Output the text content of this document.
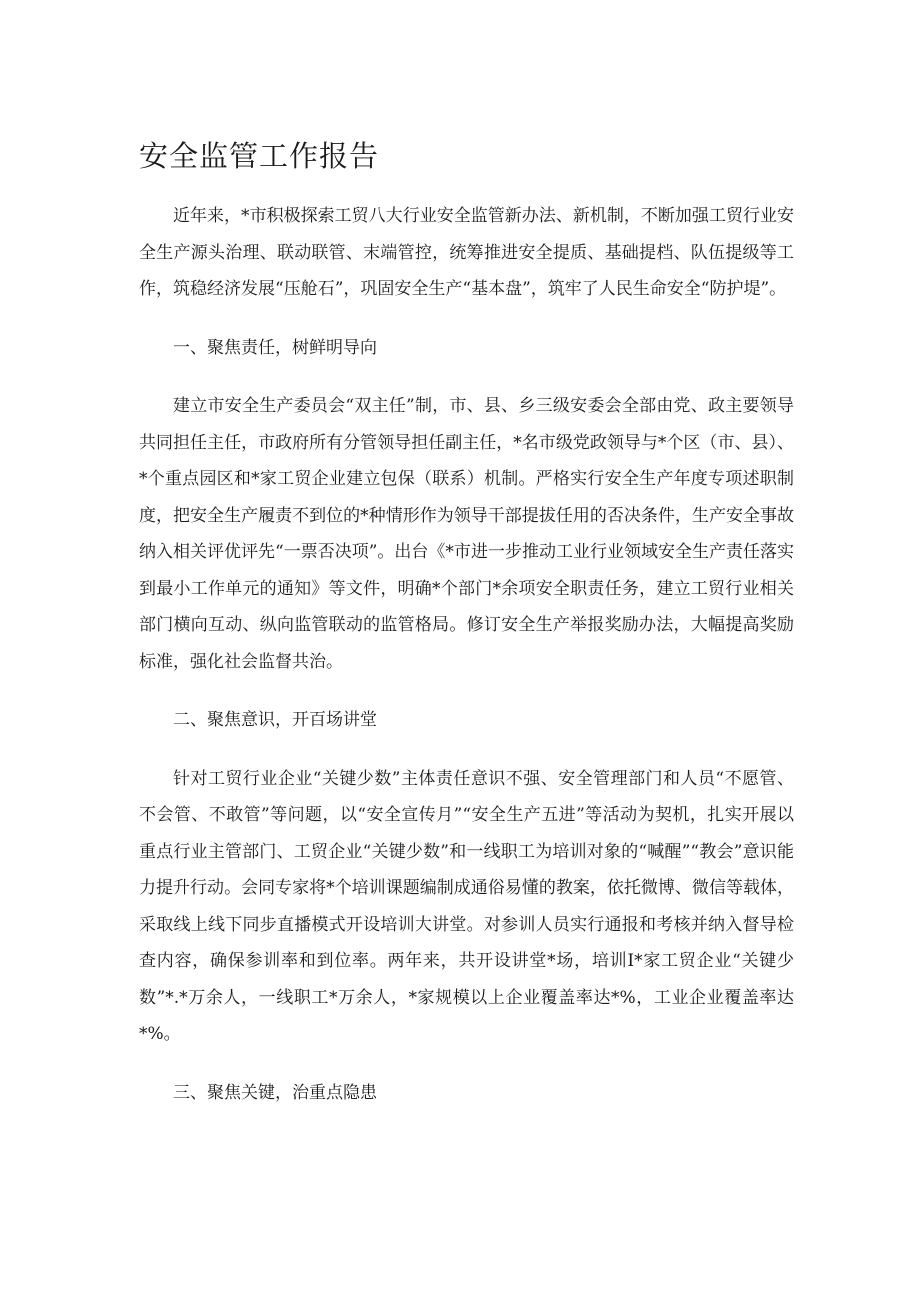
安全监管工作报告

近年来，*市积极探索工贸八大行业安全监管新办法、新机制，不断加强工贸行业安全生产源头治理、联动联管、末端管控，统筹推进安全提质、基础提档、队伍提级等工作，筑稳经济发展“压舱石”，巩固安全生产“基本盘”，筑牢了人民生命安全“防护堤”。

一、聚焦责任，树鲜明导向

建立市安全生产委员会“双主任”制，市、县、乡三级安委会全部由党、政主要领导共同担任主任，市政府所有分管领导担任副主任，*名市级党政领导与*个区（市、县）、*个重点园区和*家工贸企业建立包保（联系）机制。严格实行安全生产年度专项述职制度，把安全生产履责不到位的*种情形作为领导干部提拔任用的否决条件，生产安全事故纳入相关评优评先“一票否决项”。出台《*市进一步推动工业行业领域安全生产责任落实到最小工作单元的通知》等文件，明确*个部门*余项安全职责任务，建立工贸行业相关部门横向互动、纵向监管联动的监管格局。修订安全生产举报奖励办法，大幅提高奖励标准，强化社会监督共治。

二、聚焦意识，开百场讲堂

针对工贸行业企业“关键少数”主体责任意识不强、安全管理部门和人员“不愿管、不会管、不敢管”等问题，以“安全宣传月”“安全生产五进”等活动为契机，扎实开展以重点行业主管部门、工贸企业“关键少数”和一线职工为培训对象的“喊醒”“教会”意识能力提升行动。会同专家将*个培训课题编制成通俗易懂的教案，依托微博、微信等载体，采取线上线下同步直播模式开设培训大讲堂。对参训人员实行通报和考核并纳入督导检查内容，确保参训率和到位率。两年来，共开设讲堂*场，培训I*家工贸企业“关键少数”*.*万余人，一线职工*万余人，*家规模以上企业覆盖率达*%，工业企业覆盖率达*%。

三、聚焦关键，治重点隐患
